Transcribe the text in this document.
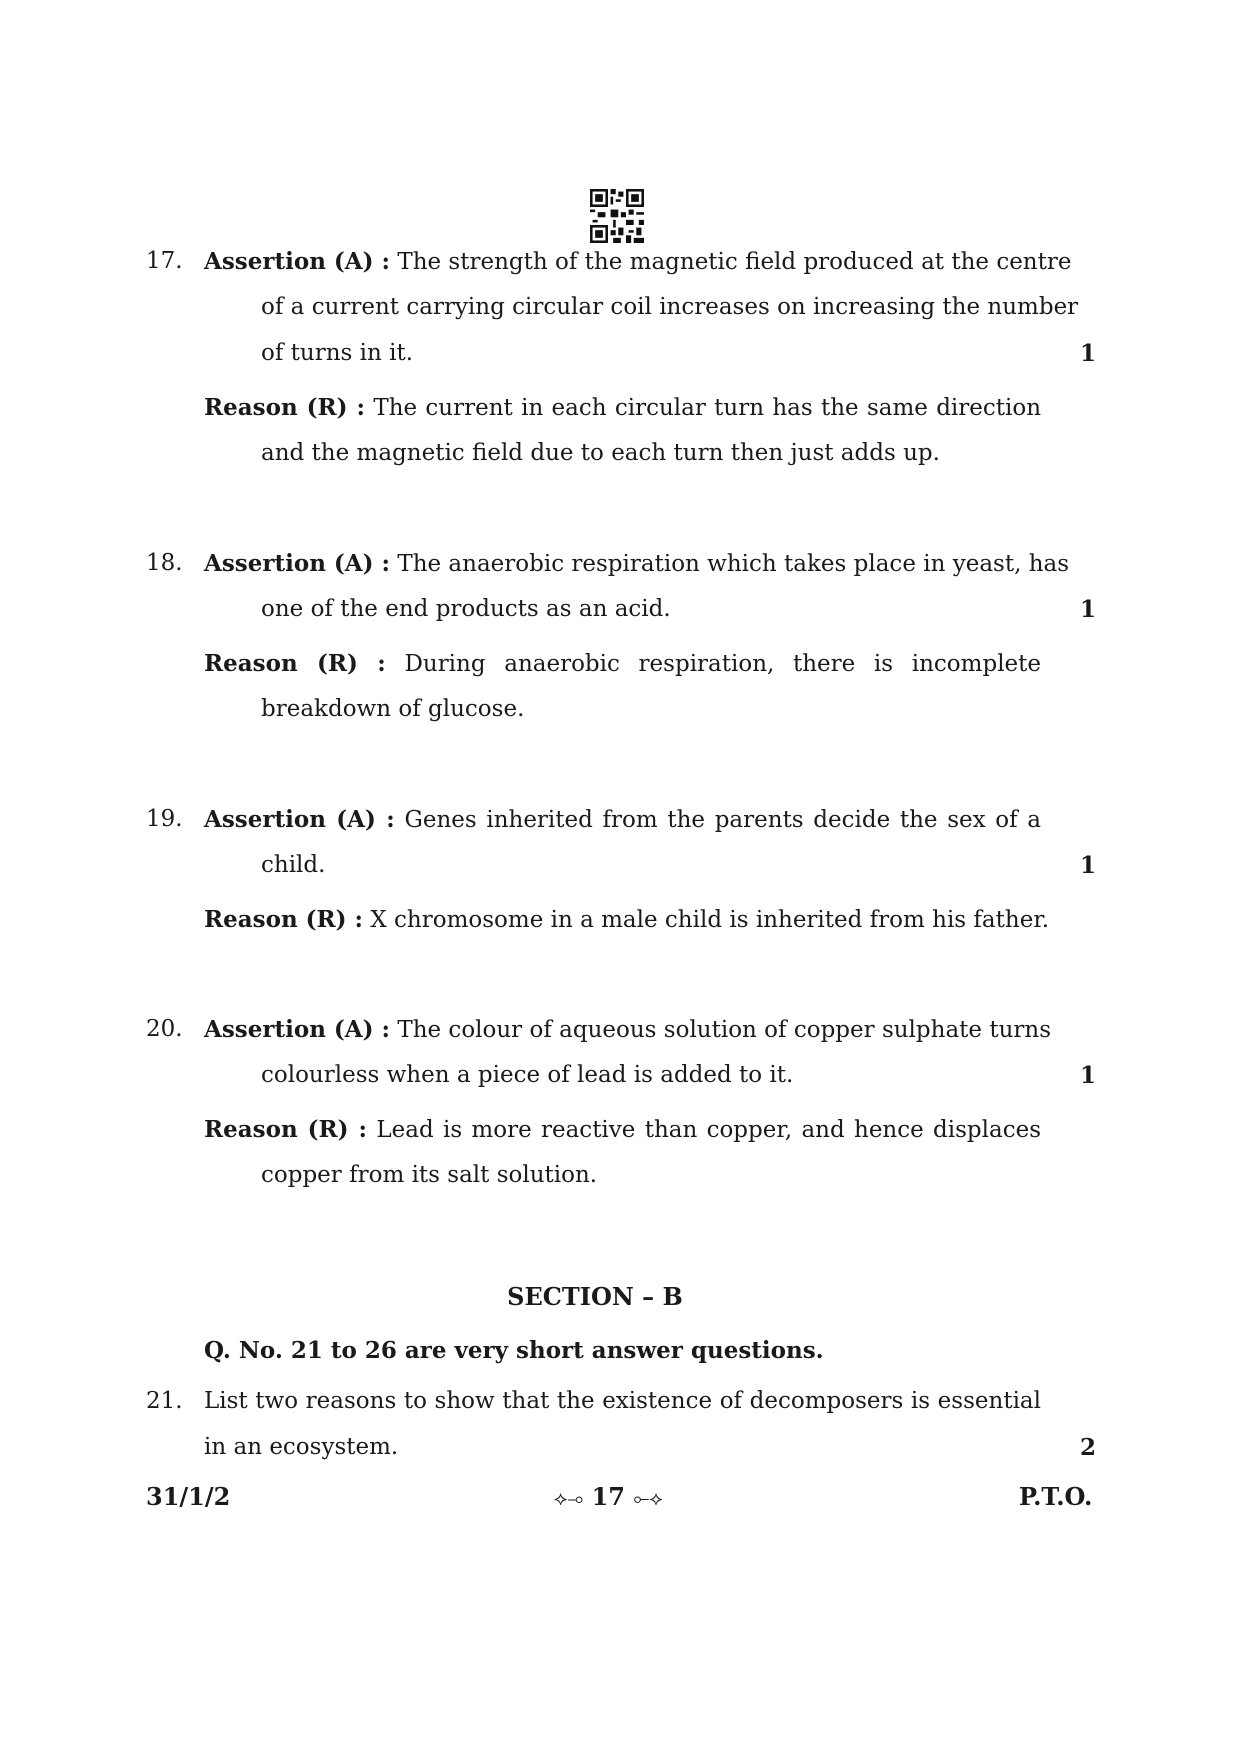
17. Assertion (A) : The strength of the magnetic field produced at the centre
of a current carrying circular coil increases on increasing the number
of turns in it.	1
Reason (R) : The current in each circular turn has the same direction
and the magnetic field due to each turn then just adds up.
18. Assertion (A) : The anaerobic respiration which takes place in yeast, has
one of the end products as an acid.	1
Reason (R) : During anaerobic respiration, there is incomplete
breakdown of glucose.
19. Assertion (A) : Genes inherited from the parents decide the sex of a
child.	1
Reason (R) : X chromosome in a male child is inherited from his father.
20. Assertion (A) : The colour of aqueous solution of copper sulphate turns
colourless when a piece of lead is added to it.	1
Reason (R) : Lead is more reactive than copper, and hence displaces
copper from its salt solution.
SECTION – B
Q. No. 21 to 26 are very short answer questions.
21. List two reasons to show that the existence of decomposers is essential
in an ecosystem.	2
31/1/2	⟡⊸ 17 ⟜⟡	P.T.O.
